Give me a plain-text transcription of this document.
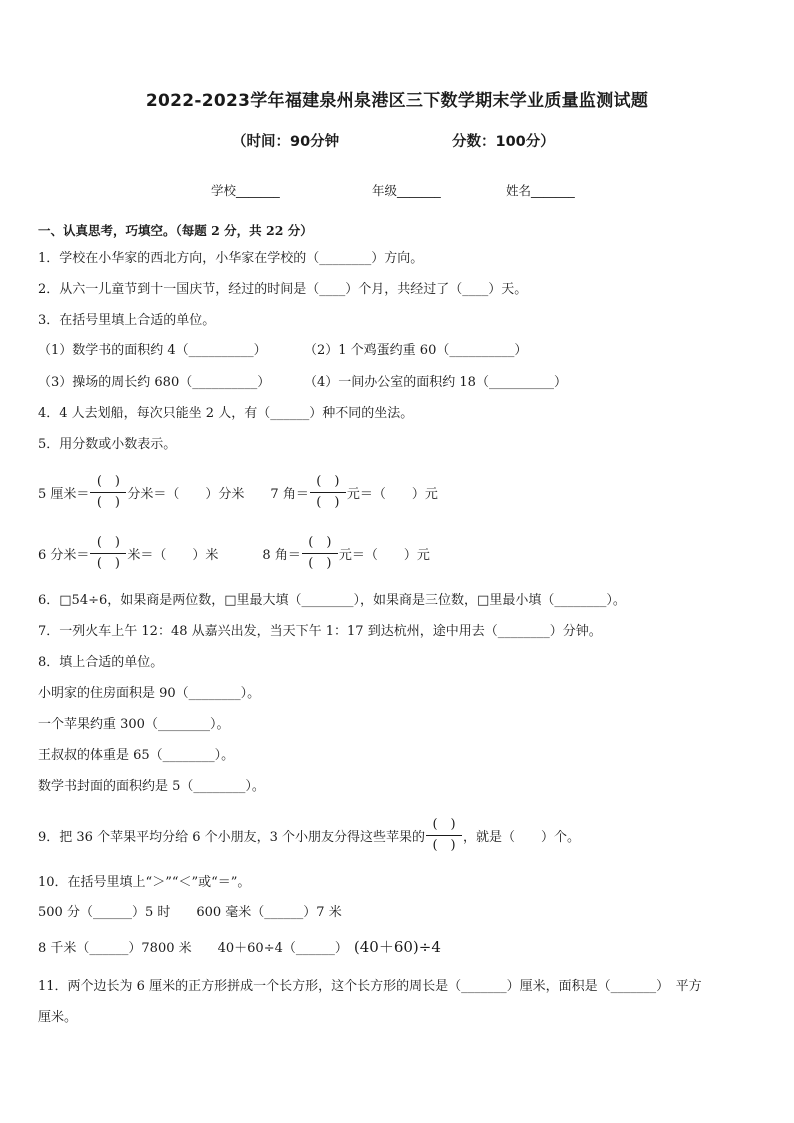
2022-2023学年福建泉州泉港区三下数学期末学业质量监测试题
（时间：90分钟	分数：100分）
学校_______	年级_______	姓名_______
一、认真思考，巧填空。（每题 2 分，共 22 分）
1．学校在小华家的西北方向，小华家在学校的（________）方向。
2．从六一儿童节到十一国庆节，经过的时间是（____）个月，共经过了（____）天。
3．在括号里填上合适的单位。
（1）数学书的面积约 4（__________）	（2）1 个鸡蛋约重 60（__________）
（3）操场的周长约 680（__________）	（4）一间办公室的面积约 18（__________）
4．4 人去划船，每次只能坐 2 人，有（______）种不同的坐法。
5．用分数或小数表示。
5 厘米＝ $\frac{( )}{( )}$ 分米＝（　　）分米 7 角＝ $\frac{( )}{( )}$ 元＝（　　）元
6 分米＝ $\frac{( )}{( )}$ 米＝（　　）米	8 角＝ $\frac{( )}{( )}$ 元＝（　　）元
6．□54÷6，如果商是两位数，□里最大填（________），如果商是三位数，□里最小填（________）。
7．一列火车上午 12：48 从嘉兴出发，当天下午 1：17 到达杭州，途中用去（________）分钟。
8．填上合适的单位。
小明家的住房面积是 90（________）。
一个苹果约重 300（________）。
王叔叔的体重是 65（________）。
数学书封面的面积约是 5（________）。
9．把 36 个苹果平均分给 6 个小朋友，3 个小朋友分得这些苹果的 $\frac{( )}{( )}$ ，就是（　　）个。
10．在括号里填上“＞”“＜”或“＝”。
500 分（______）5 时　　600 毫米（______）7 米
8 千米（______）7800 米　　40＋60÷4（______） (40＋60)÷4
11．两个边长为 6 厘米的正方形拼成一个长方形，这个长方形的周长是（_______）厘米，面积是（_______）　平方
厘米。
